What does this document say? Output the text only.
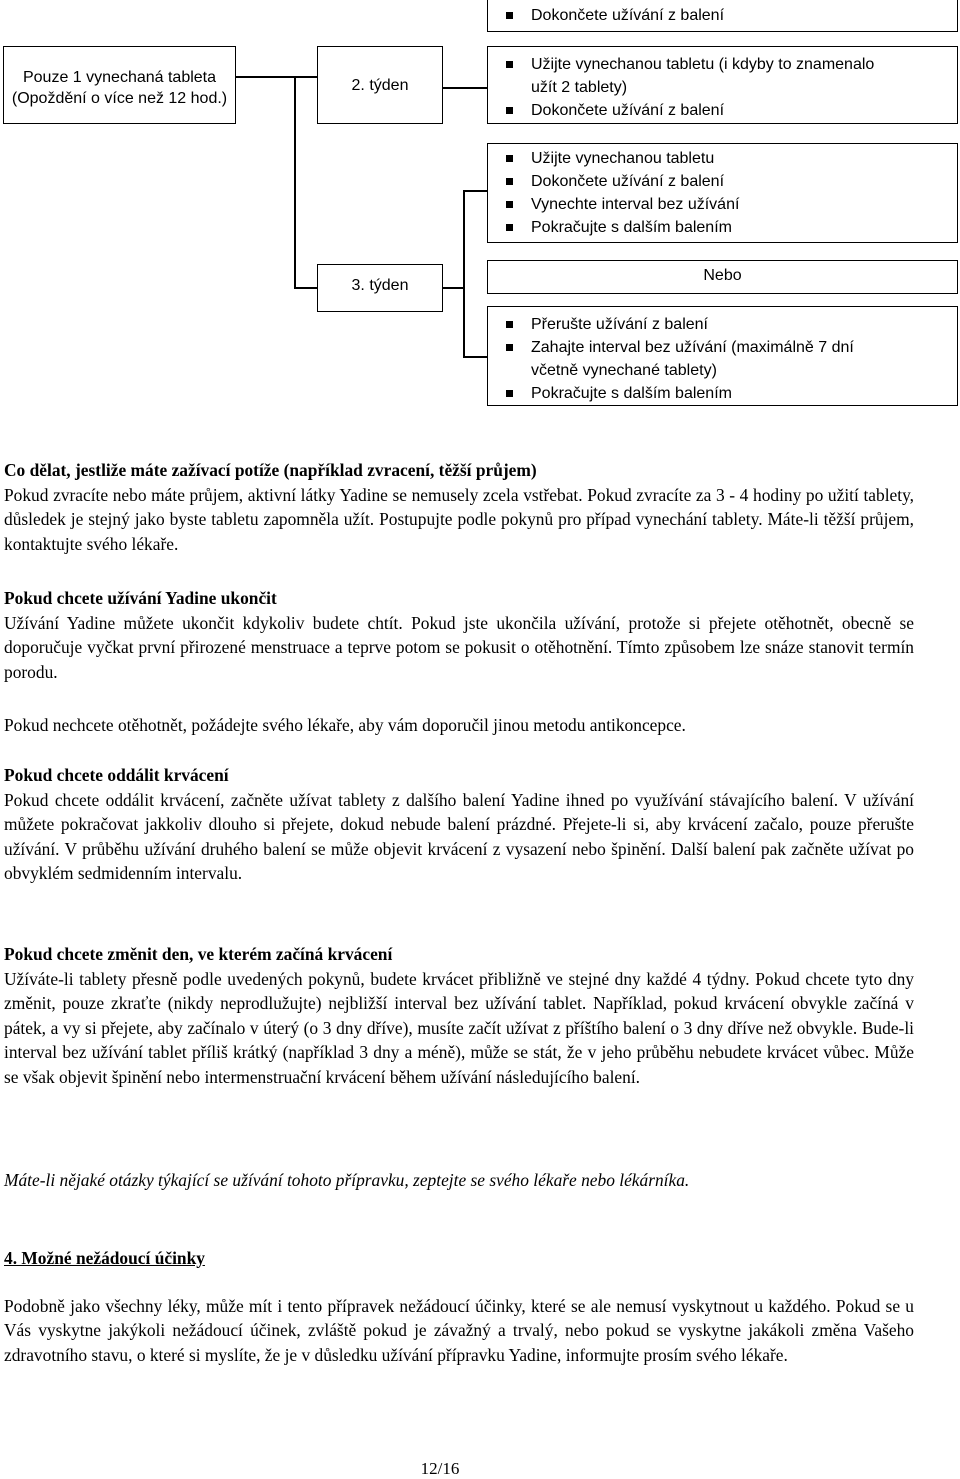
Dokončete užívání z balení
Pouze 1 vynechaná tableta
(Opoždění o více než 12 hod.)
2. týden
Užijte vynechanou tabletu (i kdyby to znamenalo
užít 2 tablety)
Dokončete užívání z balení
3. týden
Užijte vynechanou tabletu
Dokončete užívání z balení
Vynechte interval bez užívání
Pokračujte s dalším balením
Nebo
Přerušte užívání z balení
Zahajte interval bez užívání (maximálně 7 dní
včetně vynechané tablety)
Pokračujte s dalším balením

Co dělat, jestliže máte zažívací potíže (například zvracení, těžší průjem)

Pokud zvracíte nebo máte průjem, aktivní látky Yadine se nemusely zcela vstřebat. Pokud zvracíte za 3 - 4 hodiny po užití tablety, důsledek je stejný jako byste tabletu zapomněla užít. Postupujte podle pokynů pro případ vynechání tablety. Máte-li těžší průjem, kontaktujte svého lékaře.

Pokud chcete užívání Yadine ukončit

Užívání Yadine můžete ukončit kdykoliv budete chtít. Pokud jste ukončila užívání, protože si přejete otěhotnět, obecně se doporučuje vyčkat první přirozené menstruace a teprve potom se pokusit o otěhotnění. Tímto způsobem lze snáze stanovit termín porodu.

Pokud nechcete otěhotnět, požádejte svého lékaře, aby vám doporučil jinou metodu antikoncepce.

Pokud chcete oddálit krvácení

Pokud chcete oddálit krvácení, začněte užívat tablety z dalšího balení Yadine ihned po využívání stávajícího balení. V užívání můžete pokračovat jakkoliv dlouho si přejete, dokud nebude balení prázdné. Přejete-li si, aby krvácení začalo, pouze přerušte užívání. V průběhu užívání druhého balení se může objevit krvácení z vysazení nebo špinění. Další balení pak začněte užívat po obvyklém sedmidenním intervalu.

Pokud chcete změnit den, ve kterém začíná krvácení

Užíváte-li tablety přesně podle uvedených pokynů, budete krvácet přibližně ve stejné dny každé 4 týdny. Pokud chcete tyto dny změnit, pouze zkraťte (nikdy neprodlužujte) nejbližší interval bez užívání tablet. Například, pokud krvácení obvykle začíná v pátek, a vy si přejete, aby začínalo v úterý (o 3 dny dříve), musíte začít užívat z příštího balení o 3 dny dříve než obvykle. Bude-li interval bez užívání tablet příliš krátký (například 3 dny a méně), může se stát, že v jeho průběhu nebudete krvácet vůbec. Může se však objevit špinění nebo intermenstruační krvácení během užívání následujícího balení.

Máte-li nějaké otázky týkající se užívání tohoto přípravku, zeptejte se svého lékaře nebo lékárníka.

4. Možné nežádoucí účinky

Podobně jako všechny léky, může mít i tento přípravek nežádoucí účinky, které se ale nemusí vyskytnout u každého. Pokud se u Vás vyskytne jakýkoli nežádoucí účinek, zvláště pokud je závažný a trvalý, nebo pokud se vyskytne jakákoli změna Vašeho zdravotního stavu, o které si myslíte, že je v důsledku užívání přípravku Yadine, informujte prosím svého lékaře.

12/16
